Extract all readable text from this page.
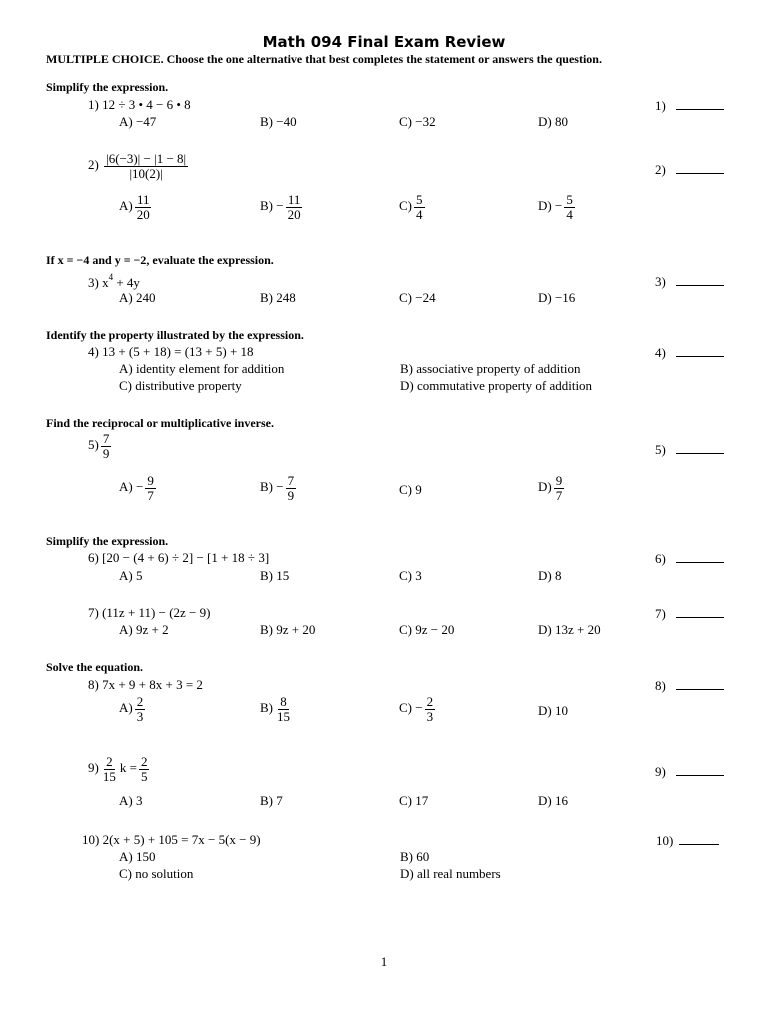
Math 094 Final Exam Review
MULTIPLE CHOICE. Choose the one alternative that best completes the statement or answers the question.
Simplify the expression.
1) 12 ÷ 3 • 4 − 6 • 8	1)
A) −47	B) −40	C) −32	D) 80
$2) \frac{|6(-3)| - |1 - 8|}{|10(2)|}$	2)
$A) \frac{11}{20}$	$B) - \frac{11}{20}$	$C) \frac{5}{4}$	$D) - \frac{5}{4}$
If x = −4 and y = −2, evaluate the expression.
3) $x^4 + 4y$	3)
A) 240	B) 248	C) −24	D) −16
Identify the property illustrated by the expression.
4) 13 + (5 + 18) = (13 + 5) + 18	4)
A) identity element for addition	B) associative property of addition
C) distributive property	D) commutative property of addition
Find the reciprocal or multiplicative inverse.
$5) \frac{7}{9}$	5)
$A) - \frac{9}{7}$	$B) - \frac{7}{9}$	C) 9	$D) \frac{9}{7}$
Simplify the expression.
6) [20 − (4 + 6) ÷ 2] − [1 + 18 ÷ 3]	6)
A) 5	B) 15	C) 3	D) 8
7) (11z + 11) − (2z − 9)	7)
A) 9z + 2	B) 9z + 20	C) 9z − 20	D) 13z + 20
Solve the equation.
8) 7x + 9 + 8x + 3 = 2	8)
$A) \frac{2}{3}$	$B) \frac{8}{15}$	$C) - \frac{2}{3}$	D) 10
$9) \frac{2}{15}$ $k = \frac{2}{5}$	9)
A) 3	B) 7	C) 17	D) 16
10) 2(x + 5) + 105 = 7x − 5(x − 9)	10)
A) 150	B) 60
C) no solution	D) all real numbers
1
